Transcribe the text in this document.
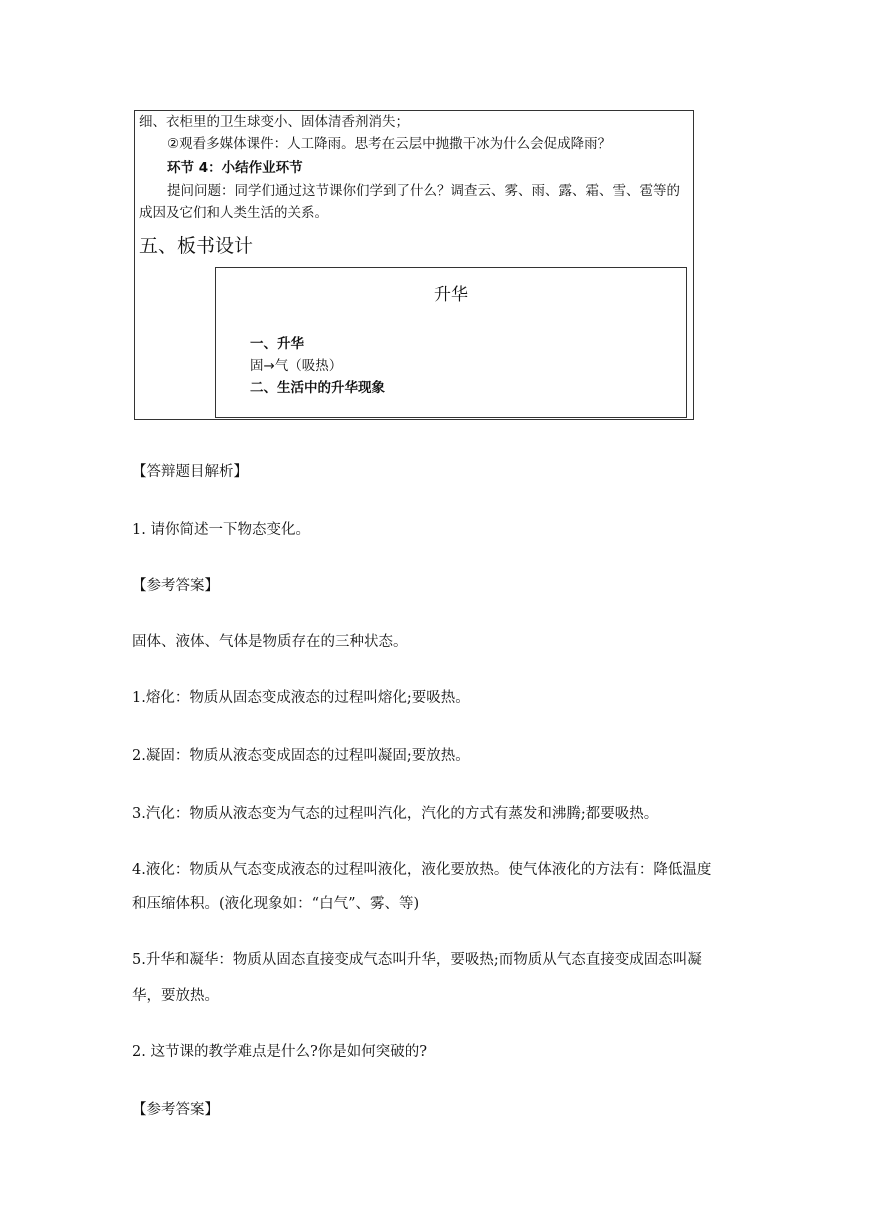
细、衣柜里的卫生球变小、固体清香剂消失；
②观看多媒体课件：人工降雨。思考在云层中抛撒干冰为什么会促成降雨？
环节 4：小结作业环节
提问问题：同学们通过这节课你们学到了什么？调查云、雾、雨、露、霜、雪、雹等的
成因及它们和人类生活的关系。
五、板书设计
升华
一、升华
固→气（吸热）
二、生活中的升华现象
【答辩题目解析】
1. 请你简述一下物态变化。
【参考答案】
固体、液体、气体是物质存在的三种状态。
1.熔化：物质从固态变成液态的过程叫熔化;要吸热。
2.凝固：物质从液态变成固态的过程叫凝固;要放热。
3.汽化：物质从液态变为气态的过程叫汽化，汽化的方式有蒸发和沸腾;都要吸热。
4.液化：物质从气态变成液态的过程叫液化，液化要放热。使气体液化的方法有：降低温度
和压缩体积。(液化现象如：“白气”、雾、等)
5.升华和凝华：物质从固态直接变成气态叫升华，要吸热;而物质从气态直接变成固态叫凝
华，要放热。
2. 这节课的教学难点是什么?你是如何突破的?
【参考答案】
